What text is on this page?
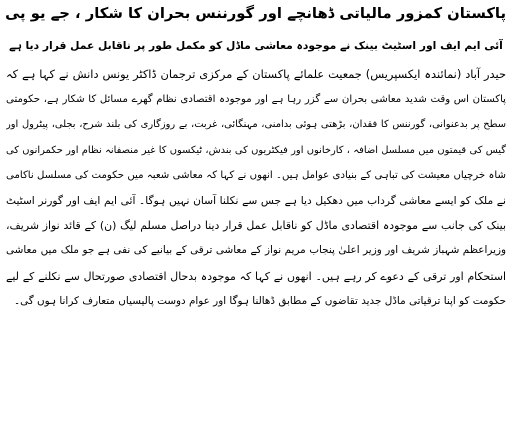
پاکستان کمزور مالیاتی ڈھانچے اور گورننس بحران کا شکار ، جے یو پی
آئی ایم ایف اور اسٹیٹ بینک نے موجودہ معاشی ماڈل کو مکمل طور پر ناقابل عمل قرار دیا ہے
حیدر آباد (نمائندہ ایکسپریس) جمعیت علمائے پاکستان کے مرکزی ترجمان ڈاکٹر یونس دانش نے کہا ہے کہ
پاکستان اس وقت شدید معاشی بحران سے گزر رہا ہے اور موجودہ اقتصادی نظام گھرے مسائل کا شکار ہے، حکومتی
سطح پر بدعنوانی، گورننس کا فقدان، بڑھتی ہوئی بدامنی، مہنگائی، غربت، بے روزگاری کی بلند شرح، بجلی، پیٹرول اور
گیس کی قیمتوں میں مسلسل اضافہ ، کارخانوں اور فیکٹریوں کی بندش، ٹیکسوں کا غیر منصفانہ نظام اور حکمرانوں کی
شاہ خرچیاں معیشت کی تباہی کے بنیادی عوامل ہیں۔ انھوں نے کہا کہ معاشی شعبہ میں حکومت کی مسلسل ناکامی
نے ملک کو ایسے معاشی گرداب میں دھکیل دیا ہے جس سے نکلنا آسان نہیں ہوگا۔ آئی ایم ایف اور گورنر اسٹیٹ
بینک کی جانب سے موجودہ اقتصادی ماڈل کو ناقابل عمل قرار دینا دراصل مسلم لیگ (ن) کے قائد نواز شریف،
وزیراعظم شہباز شریف اور وزیر اعلیٰ پنجاب مریم نواز کے معاشی ترقی کے بیانیے کی نفی ہے جو ملک میں معاشی
استحکام اور ترقی کے دعوے کر رہے ہیں۔ انھوں نے کہا کہ موجودہ بدحال اقتصادی صورتحال سے نکلنے کے لیے
حکومت کو اپنا ترقیاتی ماڈل جدید تقاضوں کے مطابق ڈھالنا ہوگا اور عوام دوست پالیسیاں متعارف کرانا ہوں گی۔
